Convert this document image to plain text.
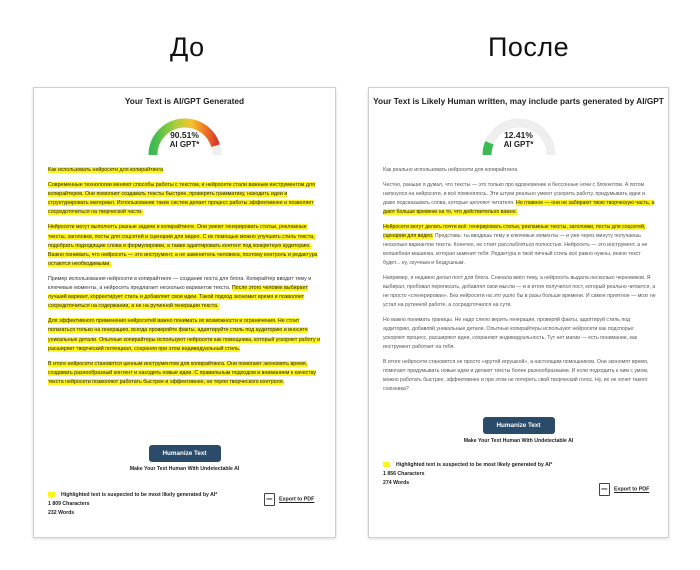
До	После
Your Text is AI/GPT Generated
90.51%
AI GPT*

Как использовать нейросети для копирайтинга

Современные технологии меняют способы работы с текстом, и нейросети стали важным инструментом для копирайтеров. Они помогают создавать тексты быстрее, проверять грамматику, находить идеи и структурировать материал. Использование таких систем делает процесс работы эффективнее и позволяет сосредоточиться на творческой части.

Нейросети могут выполнять разные задачи в копирайтинге. Они умеют генерировать статьи, рекламные тексты, заголовки, посты для соцсетей и сценарии для видео. С их помощью можно улучшить стиль текста, подобрать подходящие слова и формулировки, а также адаптировать контент под конкретную аудиторию. Важно понимать, что нейросеть — это инструмент, а не заменитель человека, поэтому контроль и редактура остаются необходимыми.

Пример использования нейросети в копирайтинге — создание поста для блога. Копирайтер вводит тему и ключевые моменты, а нейросеть предлагает несколько вариантов текста. После этого человек выбирает лучший вариант, корректирует стиль и добавляет свои идеи. Такой подход экономит время и позволяет сосредоточиться на содержании, а не на рутинной генерации текста.

Для эффективного применения нейросетей важно понимать их возможности и ограничения. Не стоит полагаться только на генерацию, всегда проверяйте факты, адаптируйте стиль под аудиторию и вносите уникальные детали. Опытные копирайтеры используют нейросети как помощника, который ускоряет работу и расширяет творческий потенциал, сохраняя при этом индивидуальный стиль.

В итоге нейросети становятся ценным инструментом для копирайтинга. Они помогают экономить время, создавать разнообразный контент и находить новые идеи. С правильным подходом и вниманием к качеству текста нейросети позволяют работать быстрее и эффективнее, не теряя творческого контроля.

Humanize Text
Make Your Text Human With Undetectable AI
Highlighted text is suspected to be most likely generated by AI*
1 809 Characters
232 Words
PDFExport to PDF
Your Text is Likely Human written, may include parts generated by AI/GPT
12.41%
AI GPT*

Как реально использовать нейросети для копирайтинга

Честно, раньше я думал, что тексты — это только про вдохновение и бессонные ночи с блокнотом. А потом наткнулся на нейросети, и всё поменялось. Эти штуки реально умеют ускорить работу, придумывать идеи и даже подсказывать слова, которые цепляют читателя. Но главное — они не забирают твою творческую часть, а дают больше времени на то, что действительно важно.

Нейросети могут делать почти всё: генерировать статьи, рекламные тексты, заголовки, посты для соцсетей, сценарии для видео. Представь: ты вводишь тему и ключевые моменты — и уже через минуту получаешь несколько вариантов текста. Конечно, не стоит расслабляться полностью. Нейросеть — это инструмент, а не волшебная машинка, которая заменит тебя. Редактура и твой личный стиль всё равно нужны, иначе текст будет... ну, скучным и бездушным.

Например, я недавно делал пост для блога. Сначала ввёл тему, а нейросеть выдала несколько черновиков. Я выбирал, пробовал переписать, добавлял свои мысли — и в итоге получился пост, который реально читается, а не просто «сгенерирован». Без нейросети на это ушло бы в разы больше времени. И самое приятное — мозг не устал на рутинной работе, а сосредоточился на сути.

Но важно понимать границы. Не надо слепо верить генерации, проверяй факты, адаптируй стиль под аудиторию, добавляй уникальные детали. Опытные копирайтеры используют нейросети как подспорье: ускоряют процесс, расширяют идеи, сохраняют индивидуальность. Тут нет магии — есть понимание, как инструмент работает на тебя.

В итоге нейросети становятся не просто «крутой игрушкой», а настоящим помощником. Они экономят время, помогают придумывать новые идеи и делают тексты более разнообразными. И если подходить к ним с умом, можно работать быстрее, эффективнее и при этом не потерять свой творческий голос. Ну, их не хочет такого союзника?

Humanize Text
Make Your Text Human With Undetectable AI
Highlighted text is suspected to be most likely generated by AI*
1 856 Characters
274 Words
PDFExport to PDF
